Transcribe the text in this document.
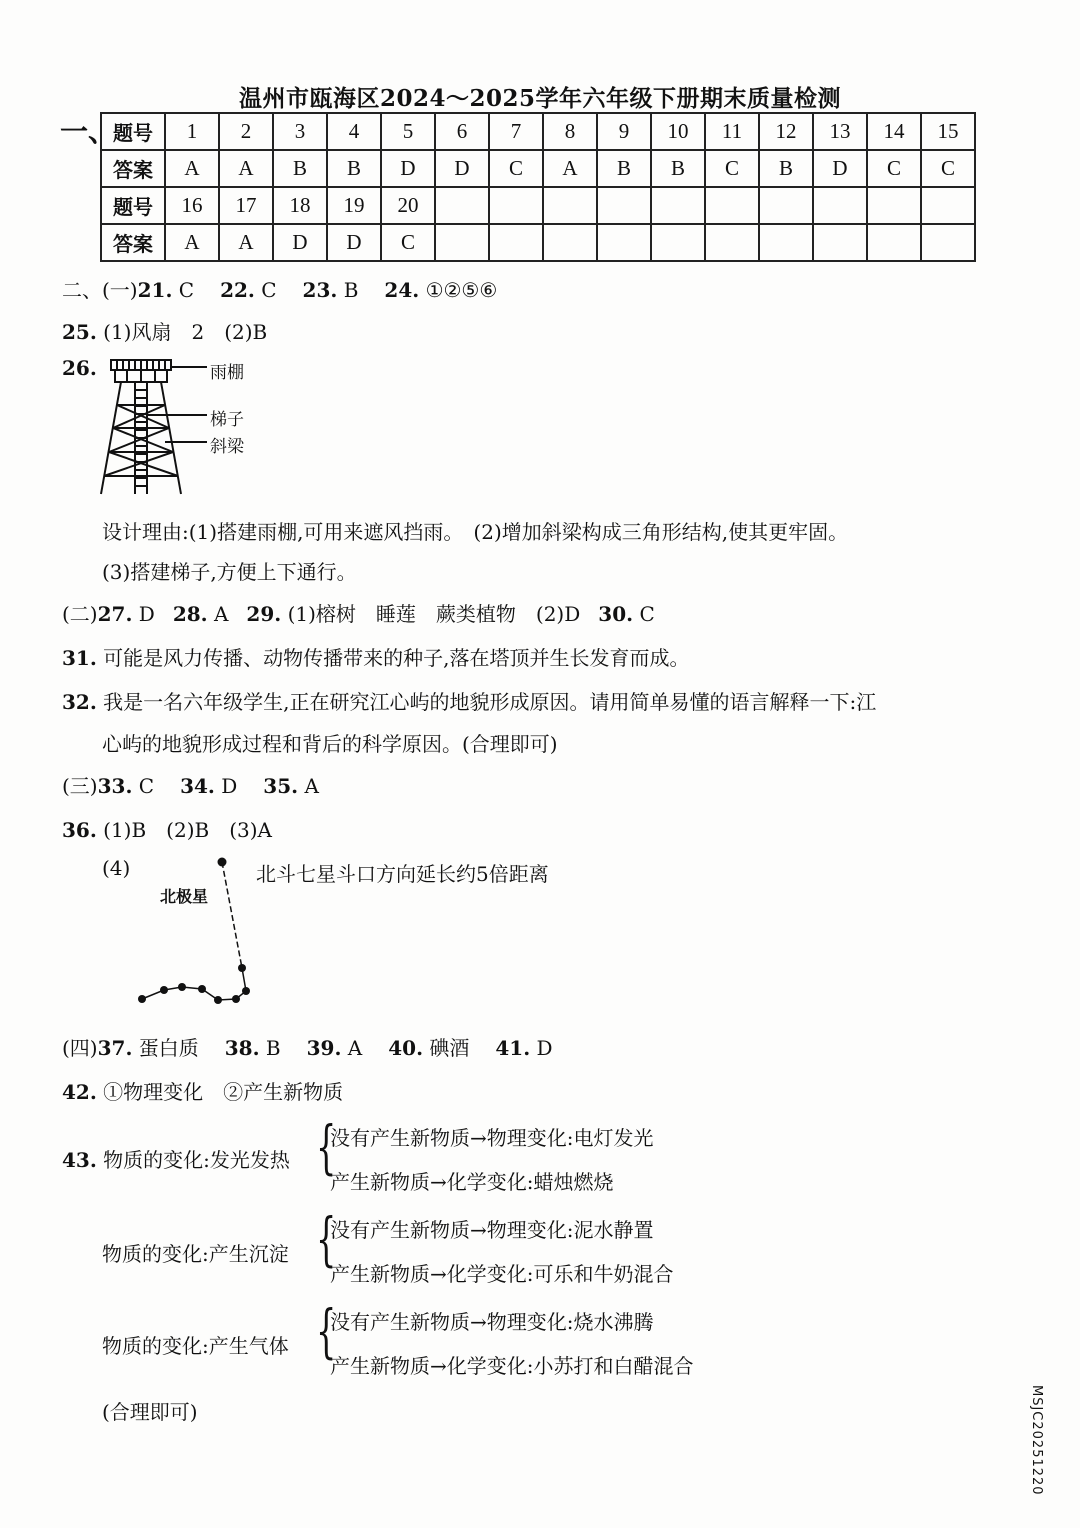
温州市瓯海区2024～2025学年六年级下册期末质量检测
一、
题号	1	2	3	4	5	6	7	8	9	10	11	12	13	14	15
答案	A	A	B	B	D	D	C	A	B	B	C	B	D	C	C
题号	16	17	18	19	20										
答案	A	A	D	D	C										
二、(一)21. C 22. C 23. B 24. ①②⑤⑥
25. (1)风扇　2　(2)B
26.	雨棚
梯子
斜梁
设计理由:(1)搭建雨棚,可用来遮风挡雨。　(2)增加斜梁构成三角形结构,使其更牢固。
(3)搭建梯子,方便上下通行。
(二)27. D 28. A 29. (1)榕树　睡莲　蕨类植物　(2)D 30. C
31. 可能是风力传播、动物传播带来的种子,落在塔顶并生长发育而成。
32. 我是一名六年级学生,正在研究江心屿的地貌形成原因。请用简单易懂的语言解释一下:江
心屿的地貌形成过程和背后的科学原因。(合理即可)
(三)33. C 34. D 35. A
36. (1)B　(2)B　(3)A
(4)
北极星
北斗七星斗口方向延长约5倍距离
(四)37. 蛋白质 38. B 39. A 40. 碘酒 41. D
42. ①物理变化　②产生新物质
43. 物质的变化:发光发热 {
没有产生新物质→物理变化:电灯发光
产生新物质→化学变化:蜡烛燃烧
物质的变化:产生沉淀 {
没有产生新物质→物理变化:泥水静置
产生新物质→化学变化:可乐和牛奶混合
物质的变化:产生气体 {
没有产生新物质→物理变化:烧水沸腾
产生新物质→化学变化:小苏打和白醋混合
(合理即可)	MSJC20251220
